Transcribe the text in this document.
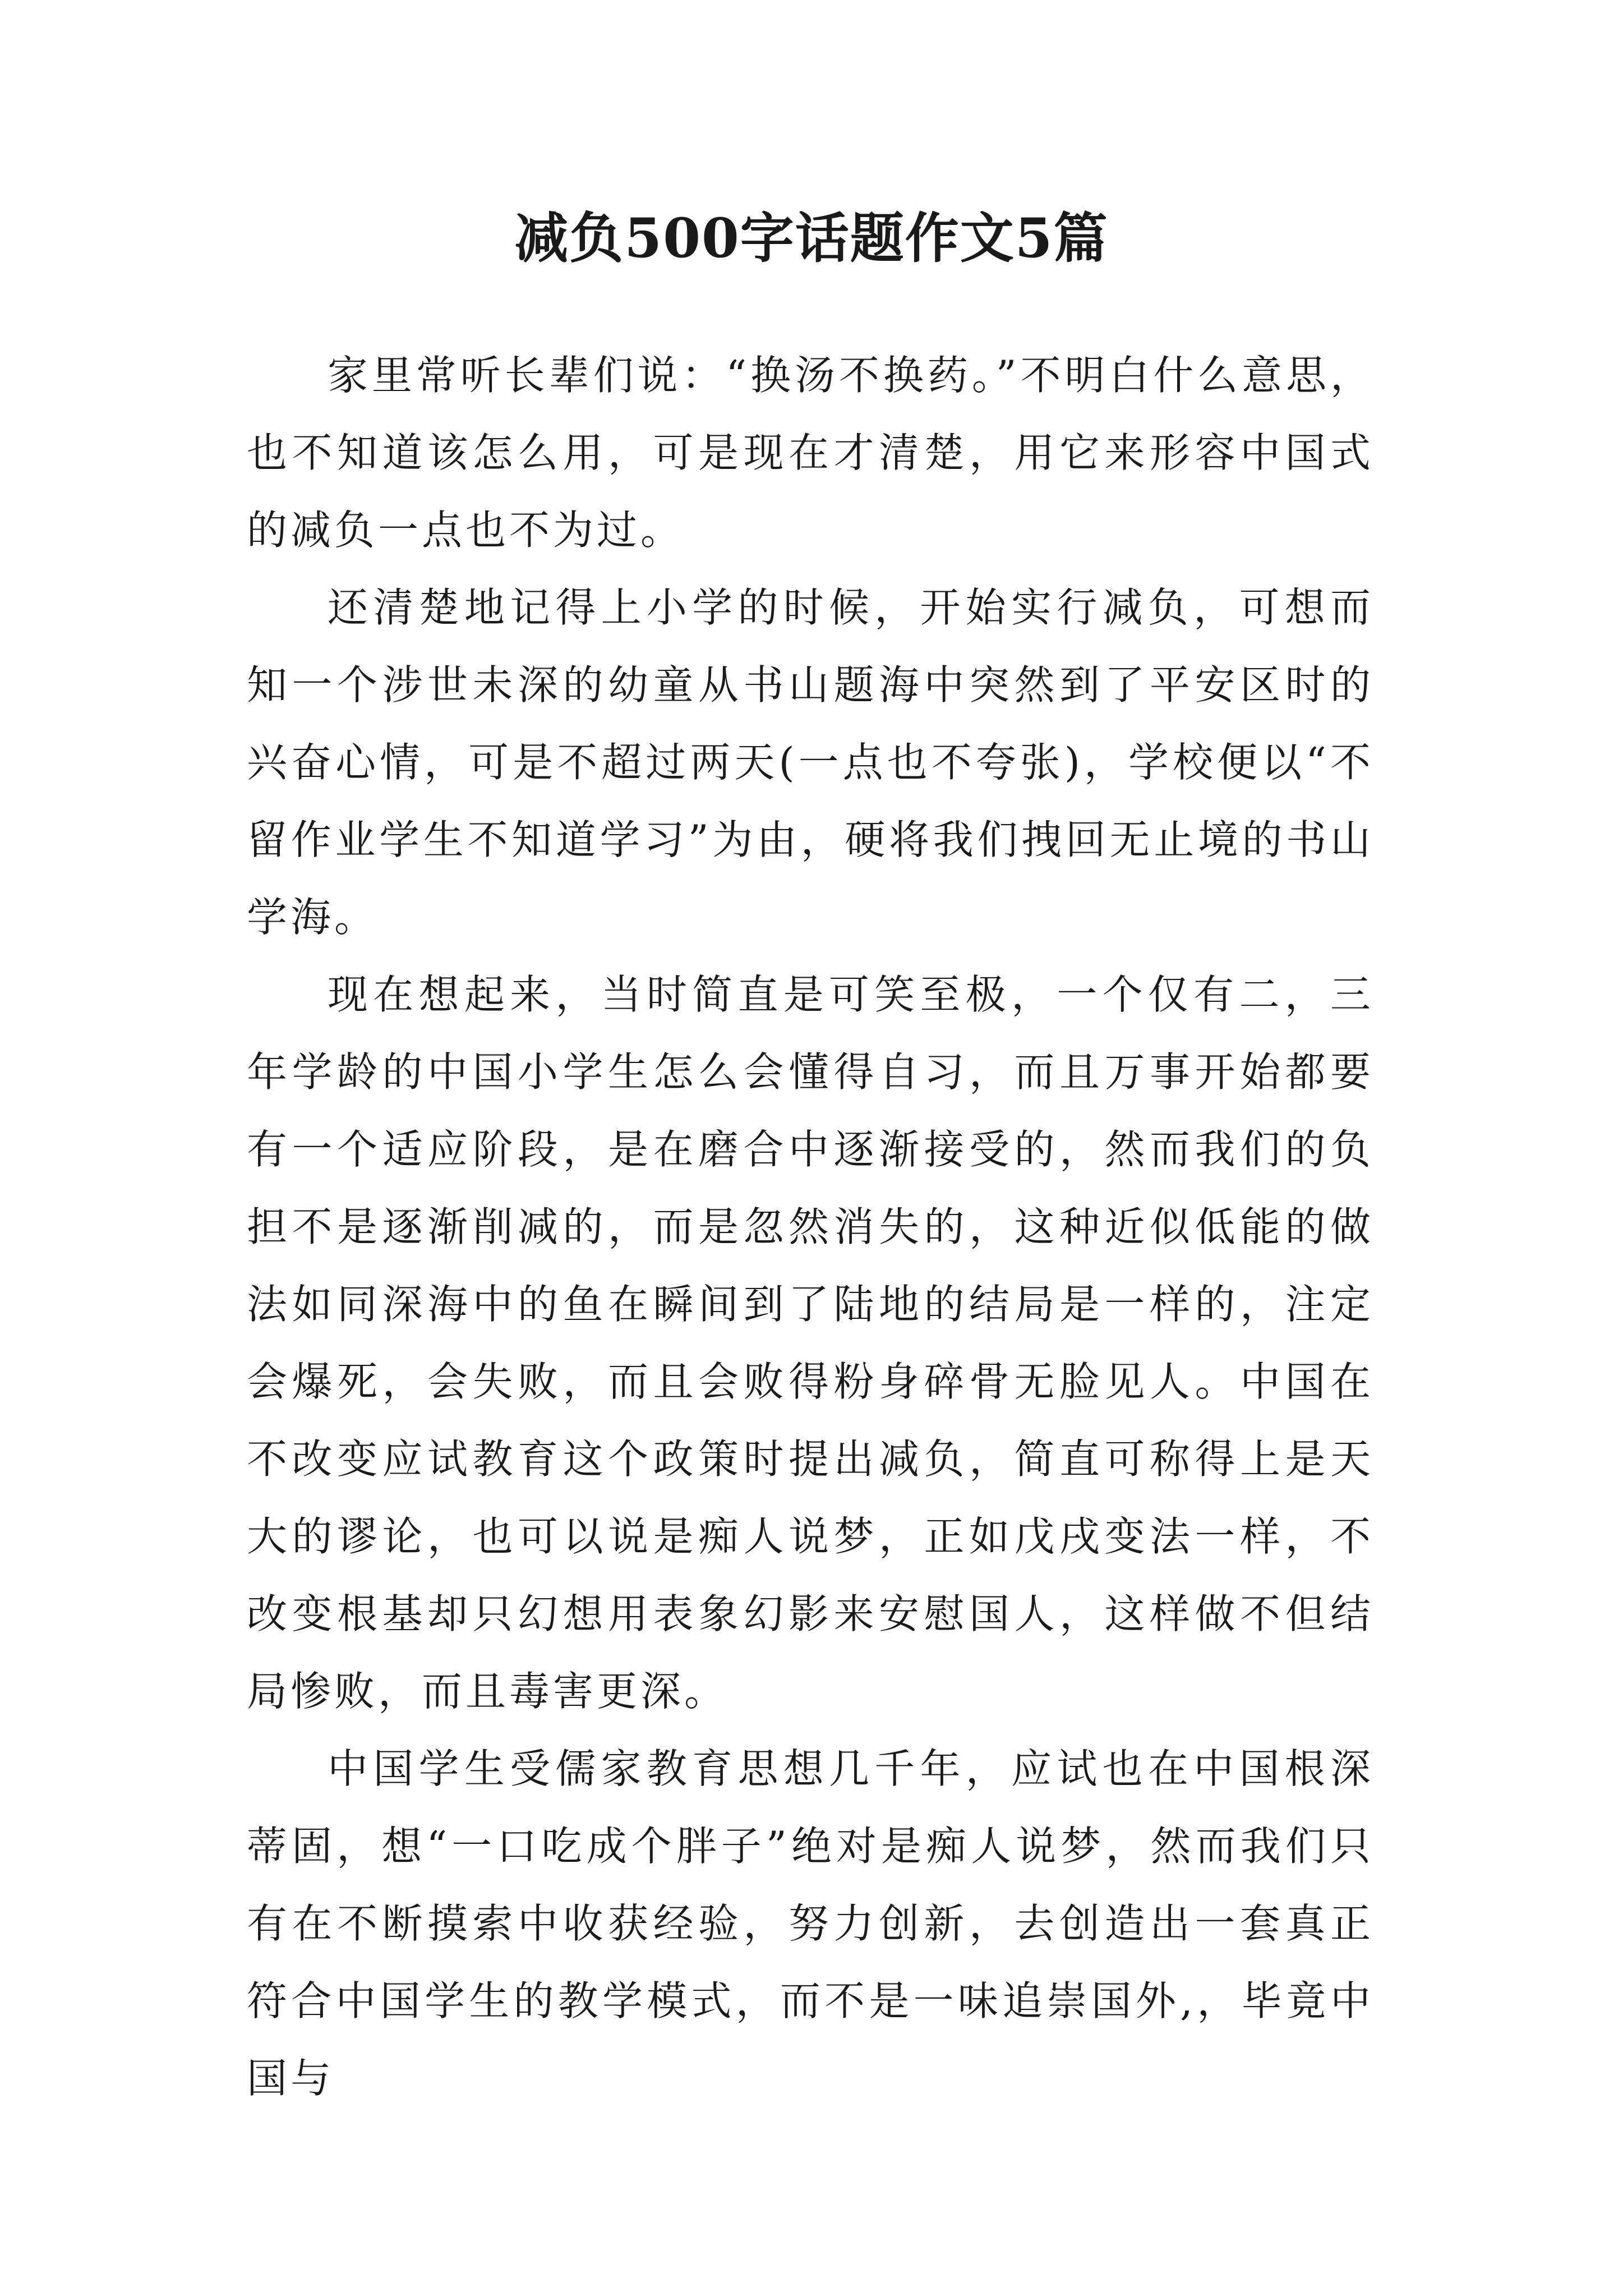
减负500字话题作文5篇

家里常听长辈们说：“换汤不换药。”不明白什么意思，也不知道该怎么用，可是现在才清楚，用它来形容中国式的减负一点也不为过。

还清楚地记得上小学的时候，开始实行减负，可想而知一个涉世未深的幼童从书山题海中突然到了平安区时的兴奋心情，可是不超过两天(一点也不夸张)，学校便以“不留作业学生不知道学习”为由，硬将我们拽回无止境的书山学海。

现在想起来，当时简直是可笑至极，一个仅有二，三年学龄的中国小学生怎么会懂得自习，而且万事开始都要有一个适应阶段，是在磨合中逐渐接受的，然而我们的负担不是逐渐削减的，而是忽然消失的，这种近似低能的做法如同深海中的鱼在瞬间到了陆地的结局是一样的，注定会爆死，会失败，而且会败得粉身碎骨无脸见人。中国在不改变应试教育这个政策时提出减负，简直可称得上是天大的谬论，也可以说是痴人说梦，正如戊戌变法一样，不改变根基却只幻想用表象幻影来安慰国人，这样做不但结局惨败，而且毒害更深。

中国学生受儒家教育思想几千年，应试也在中国根深蒂固，想“一口吃成个胖子”绝对是痴人说梦，然而我们只有在不断摸索中收获经验，努力创新，去创造出一套真正符合中国学生的教学模式，而不是一味追崇国外,，毕竟中国与
